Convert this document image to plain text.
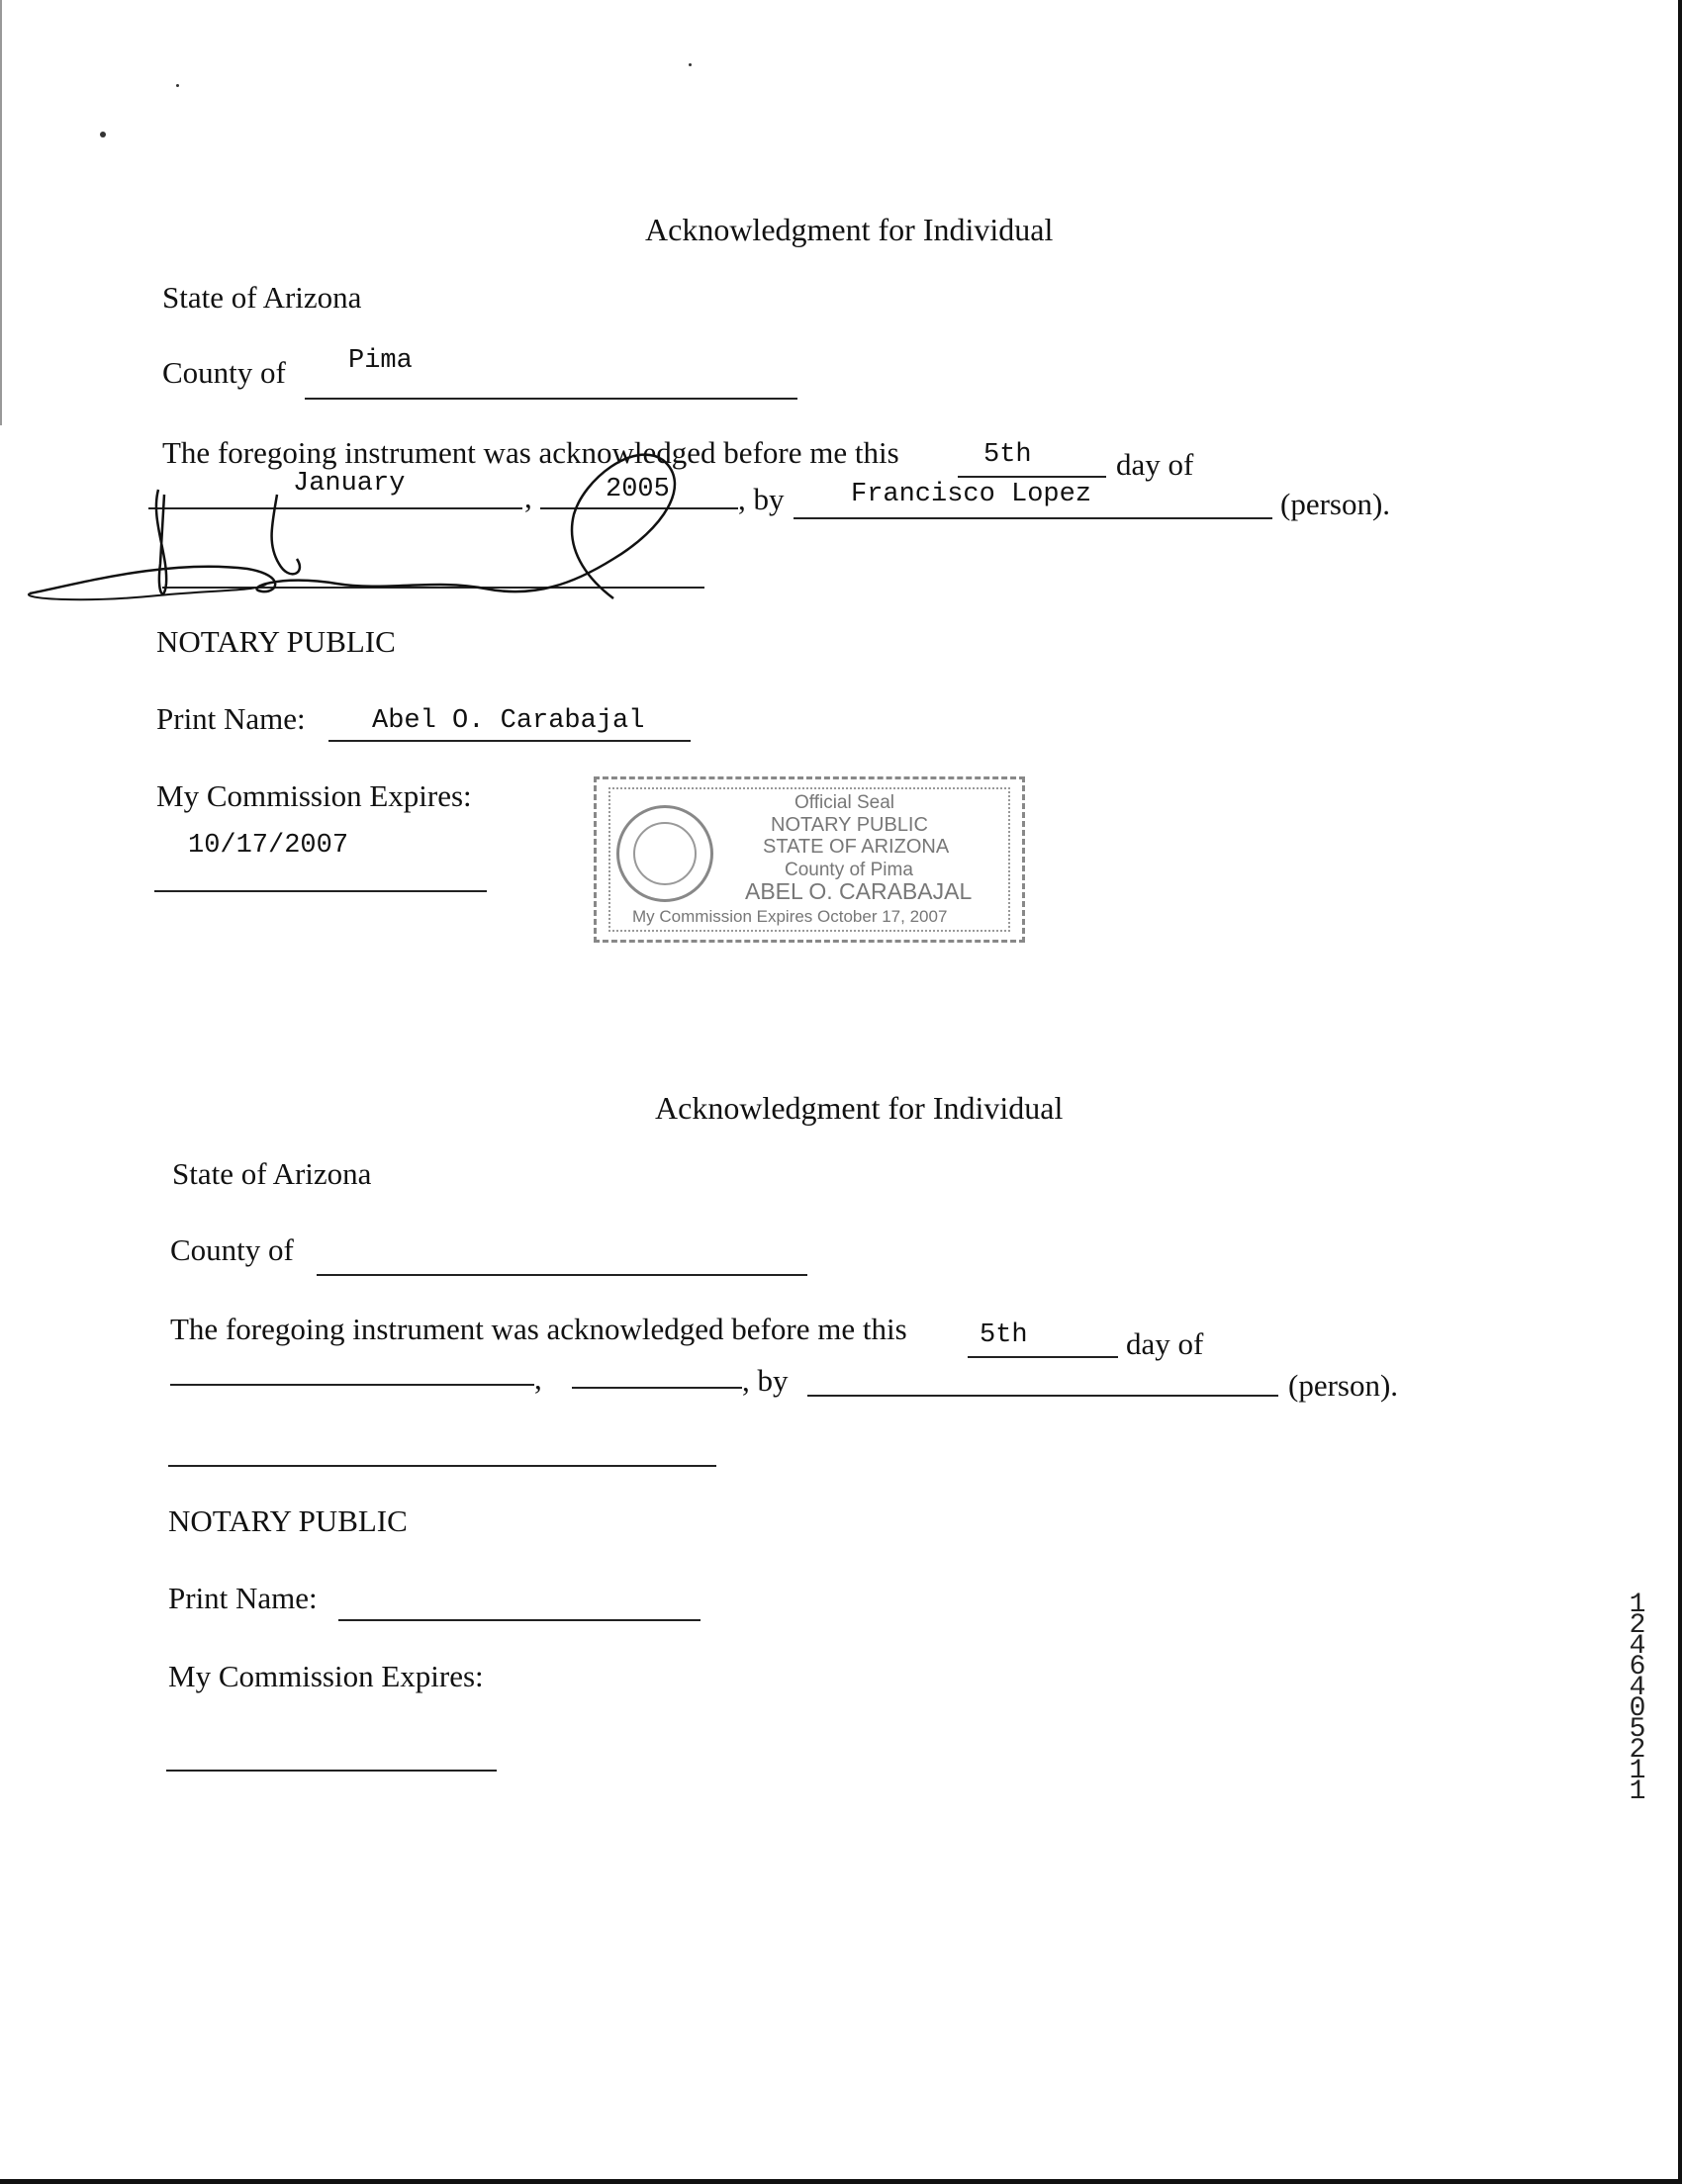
Acknowledgment for Individual
State of Arizona
County of Pima
The foregoing instrument was acknowledged before me this	5th	day of
January	,	2005 , by	Francisco Lopez	(person).
NOTARY PUBLIC
Print Name: Abel O. Carabajal
My Commission Expires:
10/17/2007
Official Seal
NOTARY PUBLIC
STATE OF ARIZONA
County of Pima
ABEL O. CARABAJAL
My Commission Expires October 17, 2007
Acknowledgment for Individual
State of Arizona
County of
The foregoing instrument was acknowledged before me this	5th	day of
,	, by	(person).
NOTARY PUBLIC
Print Name:
My Commission Expires:
12464 05211
